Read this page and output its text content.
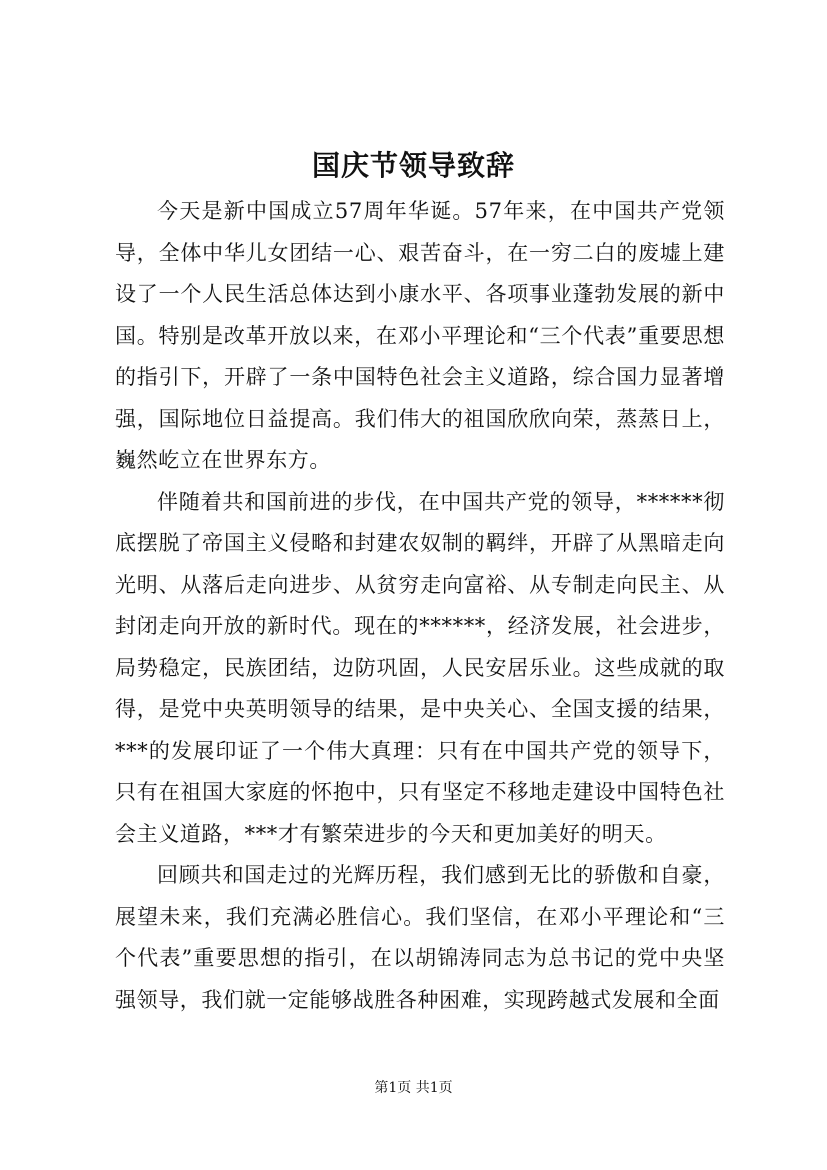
国庆节领导致辞

今天是新中国成立57周年华诞。57年来，在中国共产党领导，全体中华儿女团结一心、艰苦奋斗，在一穷二白的废墟上建设了一个人民生活总体达到小康水平、各项事业蓬勃发展的新中国。特别是改革开放以来，在邓小平理论和“三个代表”重要思想的指引下，开辟了一条中国特色社会主义道路，综合国力显著增强，国际地位日益提高。我们伟大的祖国欣欣向荣，蒸蒸日上，巍然屹立在世界东方。

伴随着共和国前进的步伐，在中国共产党的领导，******彻底摆脱了帝国主义侵略和封建农奴制的羁绊，开辟了从黑暗走向光明、从落后走向进步、从贫穷走向富裕、从专制走向民主、从封闭走向开放的新时代。现在的******，经济发展，社会进步，局势稳定，民族团结，边防巩固，人民安居乐业。这些成就的取得，是党中央英明领导的结果，是中央关心、全国支援的结果，***的发展印证了一个伟大真理：只有在中国共产党的领导下，只有在祖国大家庭的怀抱中，只有坚定不移地走建设中国特色社会主义道路，***才有繁荣进步的今天和更加美好的明天。

回顾共和国走过的光辉历程，我们感到无比的骄傲和自豪，展望未来，我们充满必胜信心。我们坚信，在邓小平理论和“三个代表”重要思想的指引，在以胡锦涛同志为总书记的党中央坚强领导，我们就一定能够战胜各种困难，实现跨越式发展和全面

第1页 共1页
